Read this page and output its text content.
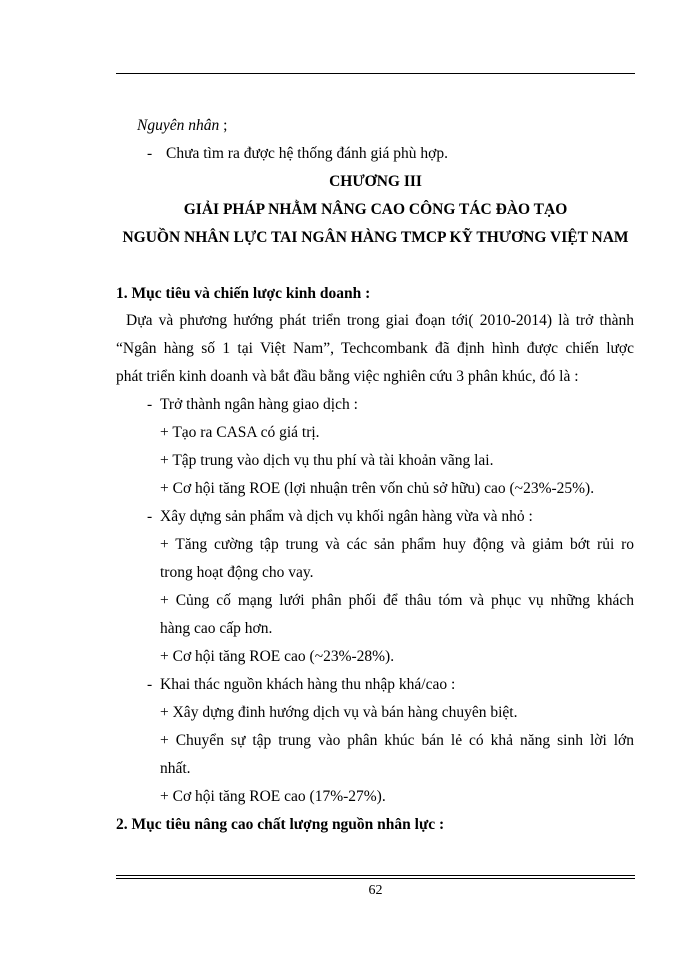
Nguyên nhân ;
- Chưa tìm ra được hệ thống đánh giá phù hợp.
CHƯƠNG III
GIẢI PHÁP NHẰM NÂNG CAO CÔNG TÁC ĐÀO TẠO
NGUỒN NHÂN LỰC TAI NGÂN HÀNG TMCP KỸ THƯƠNG VIỆT NAM
1. Mục tiêu và chiến lược kinh doanh :
Dựa và phương hướng phát triển trong giai đoạn tới( 2010-2014) là trở thành
“Ngân hàng số 1 tại Việt Nam”, Techcombank đã định hình được chiến lược
phát triển kinh doanh và bắt đầu bằng việc nghiên cứu 3 phân khúc, đó là :
- Trở thành ngân hàng giao dịch :
+ Tạo ra CASA có giá trị.
+ Tập trung vào dịch vụ thu phí và tài khoản vãng lai.
+ Cơ hội tăng ROE (lợi nhuận trên vốn chủ sở hữu) cao (~23%-25%).
- Xây dựng sản phẩm và dịch vụ khối ngân hàng vừa và nhỏ :
+ Tăng cường tập trung và các sản phẩm huy động và giảm bớt rủi ro
trong hoạt động cho vay.
+ Củng cố mạng lưới phân phối để thâu tóm và phục vụ những khách
hàng cao cấp hơn.
+ Cơ hội tăng ROE cao (~23%-28%).
- Khai thác nguồn khách hàng thu nhập khá/cao :
+ Xây dựng đinh hướng dịch vụ và bán hàng chuyên biệt.
+ Chuyển sự tập trung vào phân khúc bán lẻ có khả năng sinh lời lớn
nhất.
+ Cơ hội tăng ROE cao (17%-27%).
2. Mục tiêu nâng cao chất lượng nguồn nhân lực :
62
